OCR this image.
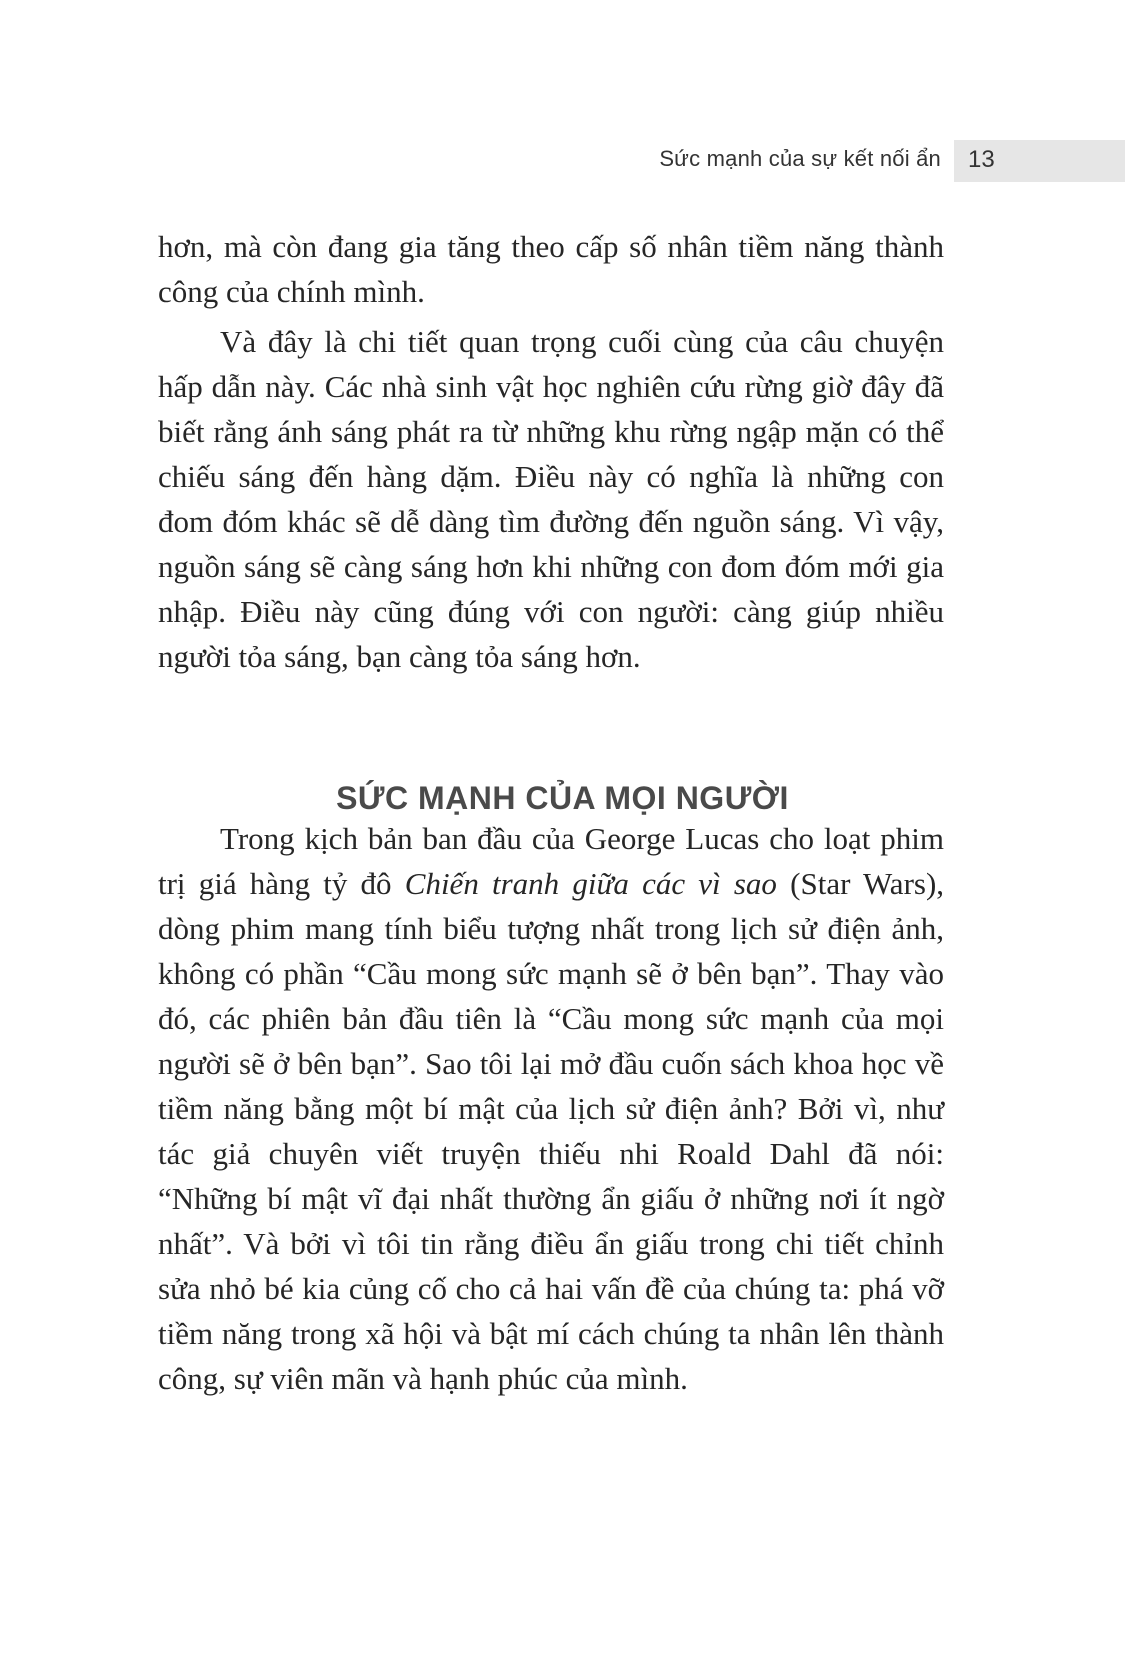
Sức mạnh của sự kết nối ẩn 13

hơn, mà còn đang gia tăng theo cấp số nhân tiềm năng thành công của chính mình.

Và đây là chi tiết quan trọng cuối cùng của câu chuyện hấp dẫn này. Các nhà sinh vật học nghiên cứu rừng giờ đây đã biết rằng ánh sáng phát ra từ những khu rừng ngập mặn có thể chiếu sáng đến hàng dặm. Điều này có nghĩa là những con đom đóm khác sẽ dễ dàng tìm đường đến nguồn sáng. Vì vậy, nguồn sáng sẽ càng sáng hơn khi những con đom đóm mới gia nhập. Điều này cũng đúng với con người: càng giúp nhiều người tỏa sáng, bạn càng tỏa sáng hơn.

SỨC MẠNH CỦA MỌI NGƯỜI

Trong kịch bản ban đầu của George Lucas cho loạt phim trị giá hàng tỷ đô Chiến tranh giữa các vì sao (Star Wars), dòng phim mang tính biểu tượng nhất trong lịch sử điện ảnh, không có phần “Cầu mong sức mạnh sẽ ở bên bạn”. Thay vào đó, các phiên bản đầu tiên là “Cầu mong sức mạnh của mọi người sẽ ở bên bạn”. Sao tôi lại mở đầu cuốn sách khoa học về tiềm năng bằng một bí mật của lịch sử điện ảnh? Bởi vì, như tác giả chuyên viết truyện thiếu nhi Roald Dahl đã nói: “Những bí mật vĩ đại nhất thường ẩn giấu ở những nơi ít ngờ nhất”. Và bởi vì tôi tin rằng điều ẩn giấu trong chi tiết chỉnh sửa nhỏ bé kia củng cố cho cả hai vấn đề của chúng ta: phá vỡ tiềm năng trong xã hội và bật mí cách chúng ta nhân lên thành công, sự viên mãn và hạnh phúc của mình.
